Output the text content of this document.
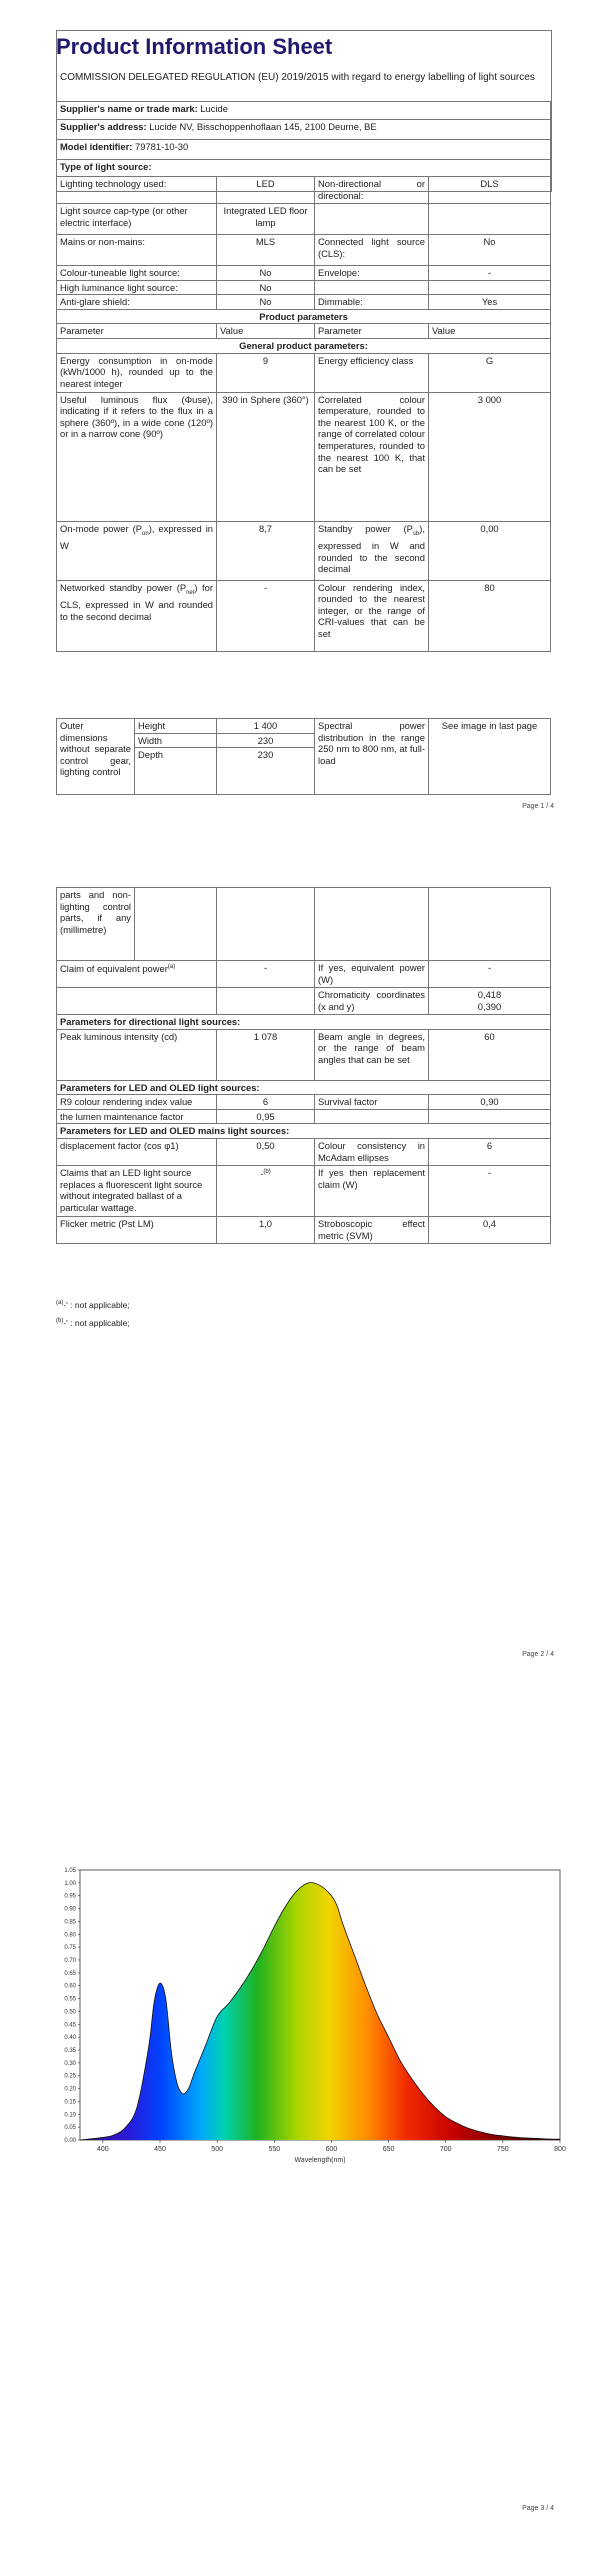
Product Information Sheet
COMMISSION DELEGATED REGULATION (EU) 2019/2015 with regard to energy labelling of light sources
Supplier's name or trade mark: Lucide			
Supplier's address: Lucide NV, Bisschoppenhoflaan 145, 2100 Deurne, BE			
Model identifier: 79781-10-30			
Type of light source:			
Lighting technology used:	LED	Non-directional or directional:	DLS
Light source cap-type (or other electric interface)	Integrated LED floor lamp		
Mains or non-mains:	MLS	Connected light source (CLS):	No
Colour-tuneable light source:	No	Envelope:	-
High luminance light source:	No		
Anti-glare shield:	No	Dimmable:	Yes
Product parameters			
Parameter	Value	Parameter	Value
General product parameters:			
Energy consumption in on-mode (kWh/1000 h), rounded up to the nearest integer	9	Energy efficiency class	G
Useful luminous flux (Φuse), indicating if it refers to the flux in a sphere (360º), in a wide cone (120º) or in a narrow cone (90º)	390 in Sphere (360°)	Correlated colour temperature, rounded to the nearest 100 K, or the range of correlated colour temperatures, rounded to the nearest 100 K, that can be set	3 000
On-mode power $(P_{on})$, expressed in W	8,7	Standby power $(P_{sb})$, expressed in W and rounded to the second decimal	0,00
Networked standby power $(P_{net})$ for CLS, expressed in W and rounded to the second decimal	-	Colour rendering index, rounded to the nearest integer, or the range of CRI-values that can be set	80
Outer dimensions without separate control gear, lighting control	Height	1 400	Spectral power distribution in the range 250 nm to 800 nm, at full-load	See image in last page
	Width	230		
	Depth	230		
Page 1 / 4
parts and non-lighting control parts, if any (millimetre)				
Claim of equivalent power$^{(a)}$		-	If yes, equivalent power (W)	-
			Chromaticity coordinates (x and y)	0,418
0,390

Parameters for directional light sources:				
Peak luminous intensity (cd)		1 078	Beam angle in degrees, or the range of beam angles that can be set	60
Parameters for LED and OLED light sources:				
R9 colour rendering index value		6	Survival factor	0,90
the lumen maintenance factor		0,95		
Parameters for LED and OLED mains light sources:				
displacement factor (cos φ1)		0,50	Colour consistency in McAdam ellipses	6
Claims that an LED light source replaces a fluorescent light source without integrated ballast of a particular wattage.		-$^{(b)}$	If yes then replacement claim (W)	-
Flicker metric (Pst LM)		1,0	Stroboscopic effect metric (SVM)	0,4
$^{(a)}$-' : not applicable;
$^{(b)}$-' : not applicable;
Page 2 / 4
0.00
0.05
0.10
0.15
0.20
0.25
0.30
0.35
0.40
0.45
0.50
0.55
0.60
0.65
0.70
0.75
0.80
0.85
0.90
0.95
1.00
1.05
400	450	500	550	600	650	700	750	800
Wavelength(nm)
Page 3 / 4
